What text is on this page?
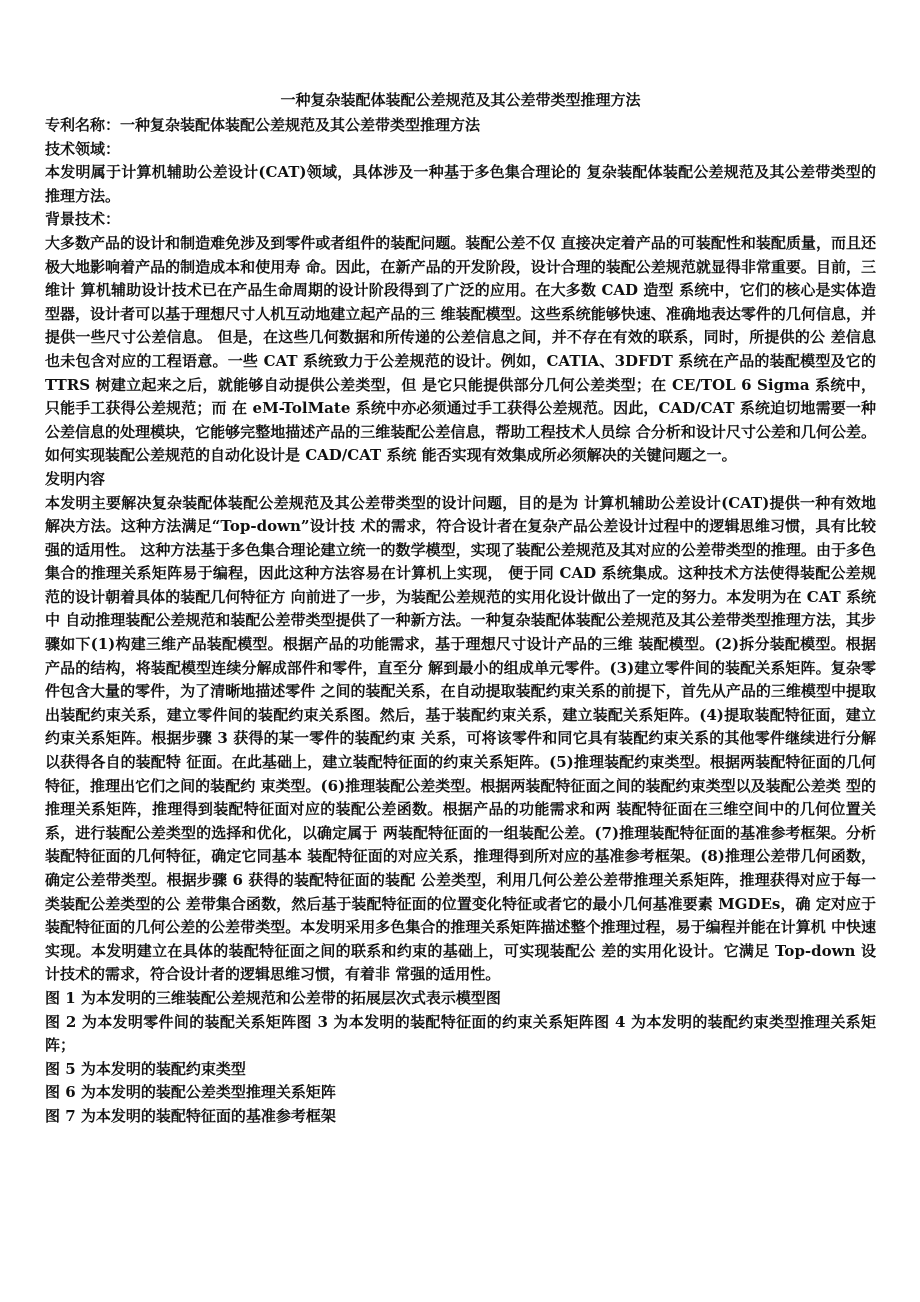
一种复杂装配体装配公差规范及其公差带类型推理方法
专利名称：一种复杂装配体装配公差规范及其公差带类型推理方法
技术领域：
本发明属于计算机辅助公差设计(CAT)领域，具体涉及一种基于多色集合理论的 复杂装配体装配公差规范及其公差带类型的推理方法。
背景技术：
大多数产品的设计和制造难免涉及到零件或者组件的装配问题。装配公差不仅 直接决定着产品的可装配性和装配质量，而且还极大地影响着产品的制造成本和使用寿 命。因此，在新产品的开发阶段，设计合理的装配公差规范就显得非常重要。目前，三维计 算机辅助设计技术已在产品生命周期的设计阶段得到了广泛的应用。在大多数 CAD 造型 系统中，它们的核心是实体造型器，设计者可以基于理想尺寸人机互动地建立起产品的三 维装配模型。这些系统能够快速、准确地表达零件的几何信息，并提供一些尺寸公差信息。 但是，在这些几何数据和所传递的公差信息之间，并不存在有效的联系，同时，所提供的公 差信息也未包含对应的工程语意。一些 CAT 系统致力于公差规范的设计。例如，CATIA、3DFDT 系统在产品的装配模型及它的 TTRS 树建立起来之后，就能够自动提供公差类型，但 是它只能提供部分几何公差类型；在 CE/TOL 6 Sigma 系统中，只能手工获得公差规范；而 在 eM-TolMate 系统中亦必须通过手工获得公差规范。因此，CAD/CAT 系统迫切地需要一种 公差信息的处理模块，它能够完整地描述产品的三维装配公差信息，帮助工程技术人员综 合分析和设计尺寸公差和几何公差。如何实现装配公差规范的自动化设计是 CAD/CAT 系统 能否实现有效集成所必须解决的关键问题之一。
发明内容
本发明主要解决复杂装配体装配公差规范及其公差带类型的设计问题，目的是为 计算机辅助公差设计(CAT)提供一种有效地解决方法。这种方法满足“Top-down”设计技 术的需求，符合设计者在复杂产品公差设计过程中的逻辑思维习惯，具有比较强的适用性。 这种方法基于多色集合理论建立统一的数学模型，实现了装配公差规范及其对应的公差带类型的推理。由于多色集合的推理关系矩阵易于编程，因此这种方法容易在计算机上实现， 便于同 CAD 系统集成。这种技术方法使得装配公差规范的设计朝着具体的装配几何特征方 向前进了一步，为装配公差规范的实用化设计做出了一定的努力。本发明为在 CAT 系统中 自动推理装配公差规范和装配公差带类型提供了一种新方法。一种复杂装配体装配公差规范及其公差带类型推理方法，其步骤如下(1)构建三维产品装配模型。根据产品的功能需求，基于理想尺寸设计产品的三维 装配模型。(2)拆分装配模型。根据产品的结构，将装配模型连续分解成部件和零件，直至分 解到最小的组成单元零件。(3)建立零件间的装配关系矩阵。复杂零件包含大量的零件，为了清晰地描述零件 之间的装配关系，在自动提取装配约束关系的前提下，首先从产品的三维模型中提取出装配约束关系，建立零件间的装配约束关系图。然后，基于装配约束关系，建立装配关系矩阵。(4)提取装配特征面，建立约束关系矩阵。根据步骤 3 获得的某一零件的装配约束 关系，可将该零件和同它具有装配约束关系的其他零件继续进行分解以获得各自的装配特 征面。在此基础上，建立装配特征面的约束关系矩阵。(5)推理装配约束类型。根据两装配特征面的几何特征，推理出它们之间的装配约 束类型。(6)推理装配公差类型。根据两装配特征面之间的装配约束类型以及装配公差类 型的推理关系矩阵，推理得到装配特征面对应的装配公差函数。根据产品的功能需求和两 装配特征面在三维空间中的几何位置关系，进行装配公差类型的选择和优化，以确定属于 两装配特征面的一组装配公差。(7)推理装配特征面的基准参考框架。分析装配特征面的几何特征，确定它同基本 装配特征面的对应关系，推理得到所对应的基准参考框架。(8)推理公差带几何函数，确定公差带类型。根据步骤 6 获得的装配特征面的装配 公差类型，利用几何公差公差带推理关系矩阵，推理获得对应于每一类装配公差类型的公 差带集合函数，然后基于装配特征面的位置变化特征或者它的最小几何基准要素 MGDEs，确 定对应于装配特征面的几何公差的公差带类型。本发明采用多色集合的推理关系矩阵描述整个推理过程，易于编程并能在计算机 中快速实现。本发明建立在具体的装配特征面之间的联系和约束的基础上，可实现装配公 差的实用化设计。它满足 Top-down 设计技术的需求，符合设计者的逻辑思维习惯，有着非 常强的适用性。
图 1 为本发明的三维装配公差规范和公差带的拓展层次式表示模型图
图 2 为本发明零件间的装配关系矩阵图 3 为本发明的装配特征面的约束关系矩阵图 4 为本发明的装配约束类型推理关系矩阵；
图 5 为本发明的装配约束类型
图 6 为本发明的装配公差类型推理关系矩阵
图 7 为本发明的装配特征面的基准参考框架
